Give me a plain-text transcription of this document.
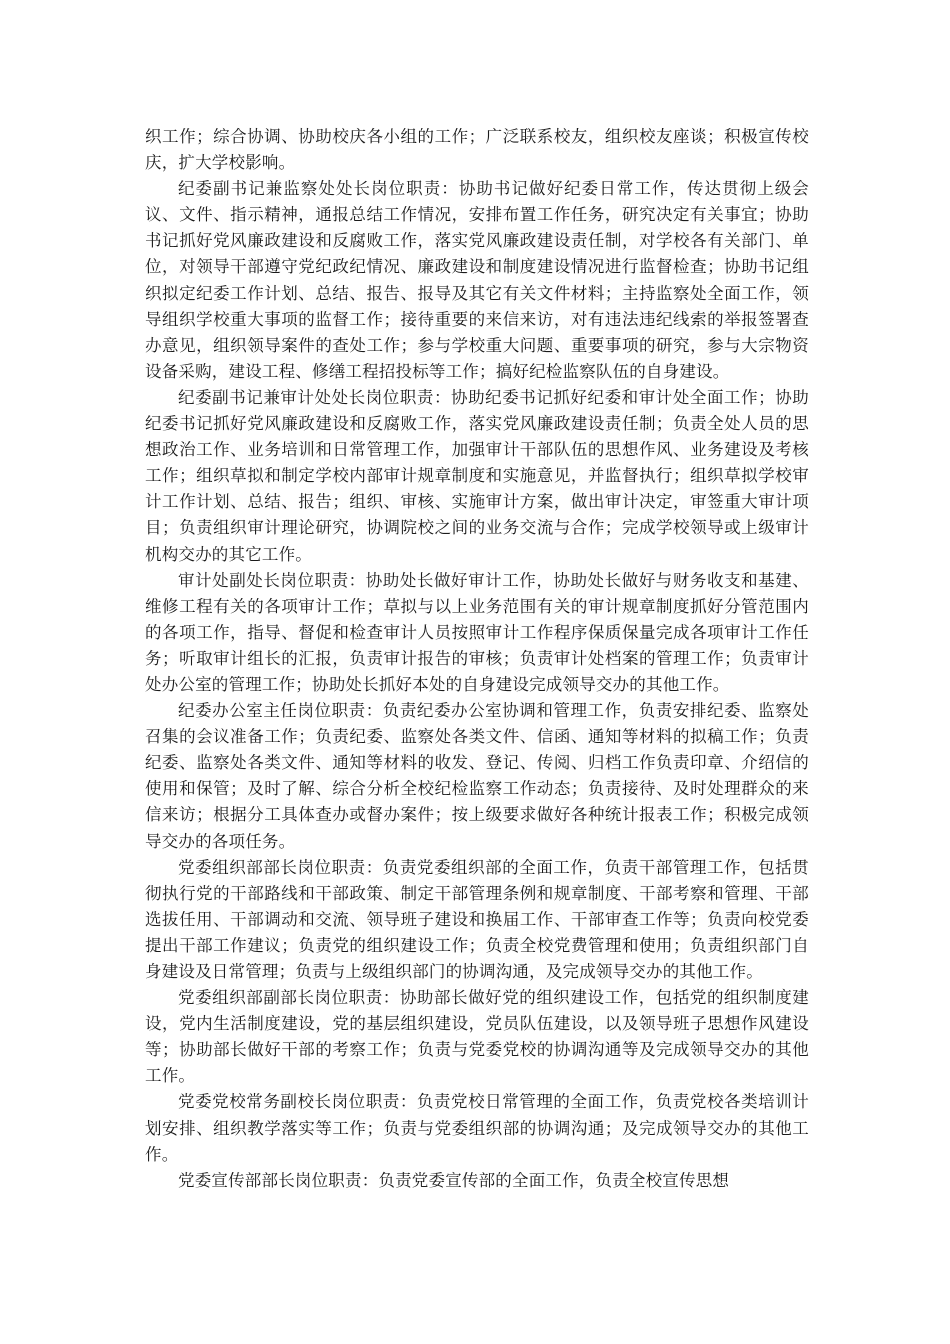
织工作；综合协调、协助校庆各小组的工作；广泛联系校友，组织校友座谈；积极宣传校庆，扩大学校影响。

纪委副书记兼监察处处长岗位职责：协助书记做好纪委日常工作，传达贯彻上级会议、文件、指示精神，通报总结工作情况，安排布置工作任务，研究决定有关事宜；协助书记抓好党风廉政建设和反腐败工作，落实党风廉政建设责任制，对学校各有关部门、单位，对领导干部遵守党纪政纪情况、廉政建设和制度建设情况进行监督检查；协助书记组织拟定纪委工作计划、总结、报告、报导及其它有关文件材料；主持监察处全面工作，领导组织学校重大事项的监督工作；接待重要的来信来访，对有违法违纪线索的举报签署查办意见，组织领导案件的查处工作；参与学校重大问题、重要事项的研究，参与大宗物资设备采购，建设工程、修缮工程招投标等工作；搞好纪检监察队伍的自身建设。

纪委副书记兼审计处处长岗位职责：协助纪委书记抓好纪委和审计处全面工作；协助纪委书记抓好党风廉政建设和反腐败工作，落实党风廉政建设责任制；负责全处人员的思想政治工作、业务培训和日常管理工作，加强审计干部队伍的思想作风、业务建设及考核工作；组织草拟和制定学校内部审计规章制度和实施意见，并监督执行；组织草拟学校审计工作计划、总结、报告；组织、审核、实施审计方案，做出审计决定，审签重大审计项目；负责组织审计理论研究，协调院校之间的业务交流与合作；完成学校领导或上级审计机构交办的其它工作。

审计处副处长岗位职责：协助处长做好审计工作，协助处长做好与财务收支和基建、维修工程有关的各项审计工作；草拟与以上业务范围有关的审计规章制度抓好分管范围内的各项工作，指导、督促和检查审计人员按照审计工作程序保质保量完成各项审计工作任务；听取审计组长的汇报，负责审计报告的审核；负责审计处档案的管理工作；负责审计处办公室的管理工作；协助处长抓好本处的自身建设完成领导交办的其他工作。

纪委办公室主任岗位职责：负责纪委办公室协调和管理工作，负责安排纪委、监察处召集的会议准备工作；负责纪委、监察处各类文件、信函、通知等材料的拟稿工作；负责纪委、监察处各类文件、通知等材料的收发、登记、传阅、归档工作负责印章、介绍信的使用和保管；及时了解、综合分析全校纪检监察工作动态；负责接待、及时处理群众的来信来访；根据分工具体查办或督办案件；按上级要求做好各种统计报表工作；积极完成领导交办的各项任务。

党委组织部部长岗位职责：负责党委组织部的全面工作，负责干部管理工作，包括贯彻执行党的干部路线和干部政策、制定干部管理条例和规章制度、干部考察和管理、干部选拔任用、干部调动和交流、领导班子建设和换届工作、干部审查工作等；负责向校党委提出干部工作建议；负责党的组织建设工作；负责全校党费管理和使用；负责组织部门自身建设及日常管理；负责与上级组织部门的协调沟通，及完成领导交办的其他工作。

党委组织部副部长岗位职责：协助部长做好党的组织建设工作，包括党的组织制度建设，党内生活制度建设，党的基层组织建设，党员队伍建设，以及领导班子思想作风建设等；协助部长做好干部的考察工作；负责与党委党校的协调沟通等及完成领导交办的其他工作。

党委党校常务副校长岗位职责：负责党校日常管理的全面工作，负责党校各类培训计划安排、组织教学落实等工作；负责与党委组织部的协调沟通；及完成领导交办的其他工作。

党委宣传部部长岗位职责：负责党委宣传部的全面工作，负责全校宣传思想
